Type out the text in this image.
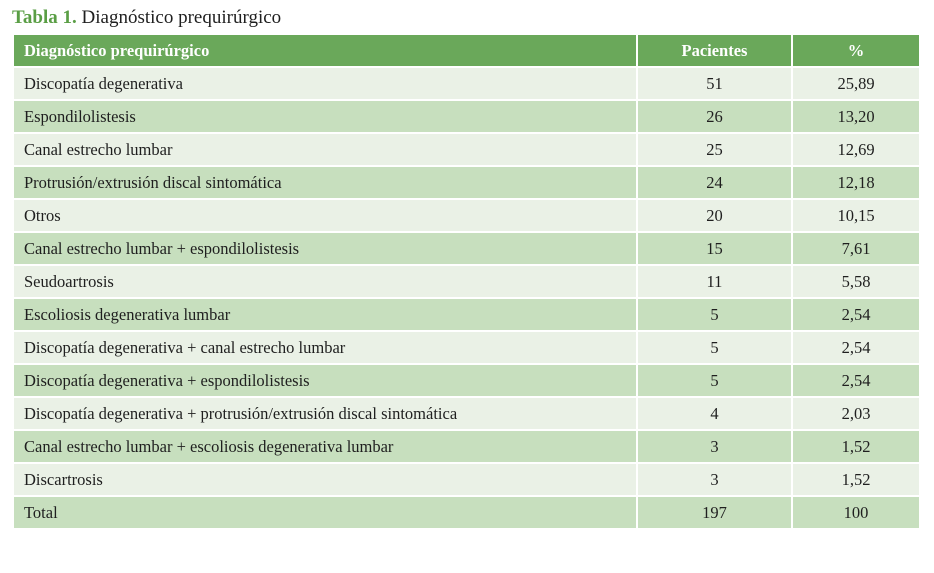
Tabla 1. Diagnóstico prequirúrgico
Diagnóstico prequirúrgico	Pacientes	%
Discopatía degenerativa	51	25,89
Espondilolistesis	26	13,20
Canal estrecho lumbar	25	12,69
Protrusión/extrusión discal sintomática	24	12,18
Otros	20	10,15
Canal estrecho lumbar + espondilolistesis	15	7,61
Seudoartrosis	11	5,58
Escoliosis degenerativa lumbar	5	2,54
Discopatía degenerativa + canal estrecho lumbar	5	2,54
Discopatía degenerativa + espondilolistesis	5	2,54
Discopatía degenerativa + protrusión/extrusión discal sintomática	4	2,03
Canal estrecho lumbar + escoliosis degenerativa lumbar	3	1,52
Discartrosis	3	1,52
Total	197	100
